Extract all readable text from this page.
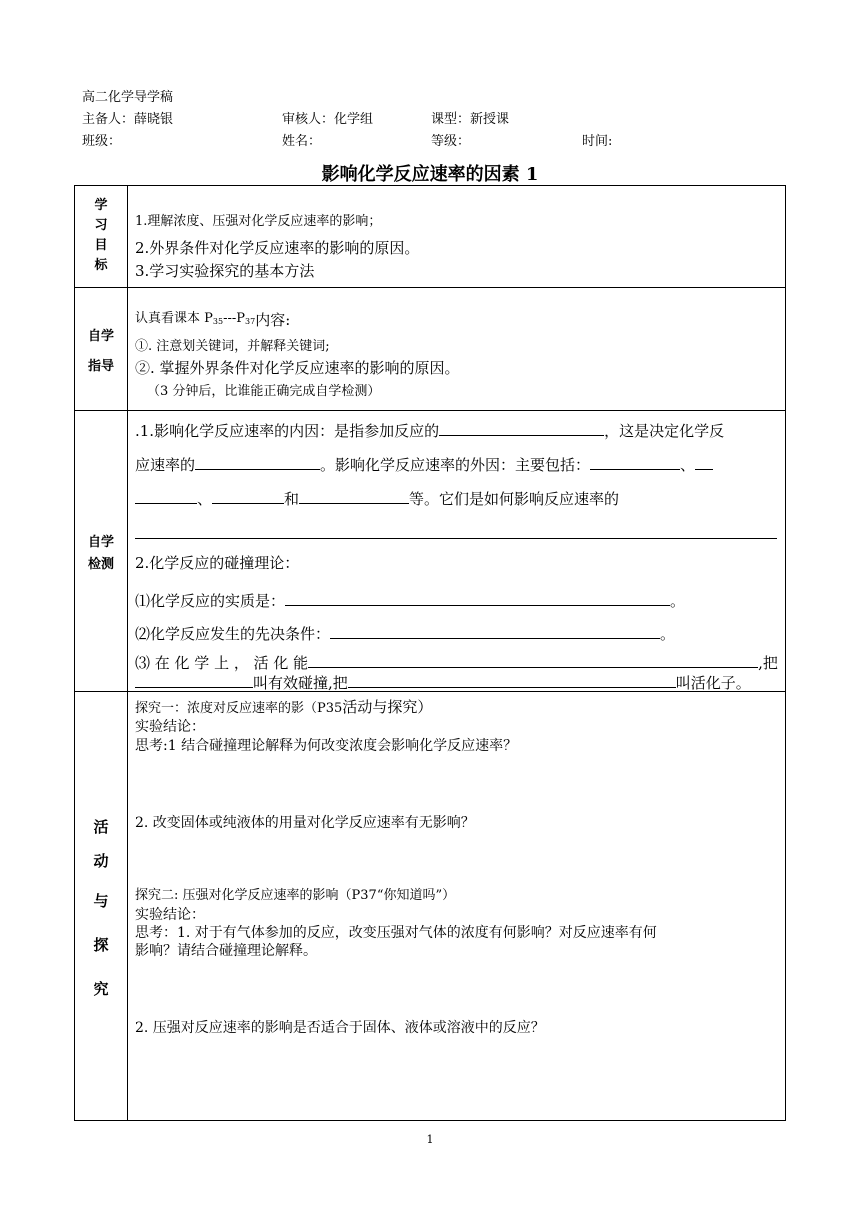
高二化学导学稿
主备人：薛晓银	审核人：化学组	课型：新授课
班级：	姓名：	等级：	时间:
影响化学反应速率的因素 1
学
习
目
标
1.理解浓度、压强对化学反应速率的影响；
2.外界条件对化学反应速率的影响的原因。
3.学习实验探究的基本方法
自学
指导
认真看课本 $P_{35}---P_{37}$内容:
①. 注意划关键词，并解释关键词;
②. 掌握外界条件对化学反应速率的影响的原因。
（3 分钟后，比谁能正确完成自学检测）
自学
检测
.1.影响化学反应速率的内因：是指参加反应的	，这是决定化学反
应速率的	。影响化学反应速率的外因：主要包括：	、
、	和	等。它们是如何影响反应速率的
2.化学反应的碰撞理论：
⑴化学反应的实质是：	。
⑵化学反应发生的先决条件：	。
⑶ 在 化 学 上 ， 活 化 能	,把
叫有效碰撞,把	叫活化子。
活
动
与
探
究
探究一：浓度对反应速率的影（P35活动与探究）
实验结论：
思考:1 结合碰撞理论解释为何改变浓度会影响化学反应速率？
2. 改变固体或纯液体的用量对化学反应速率有无影响？
探究二: 压强对化学反应速率的影响（P37“你知道吗”）
实验结论：
思考：1. 对于有气体参加的反应，改变压强对气体的浓度有何影响？对反应速率有何
影响？请结合碰撞理论解释。
2. 压强对反应速率的影响是否适合于固体、液体或溶液中的反应？
1
